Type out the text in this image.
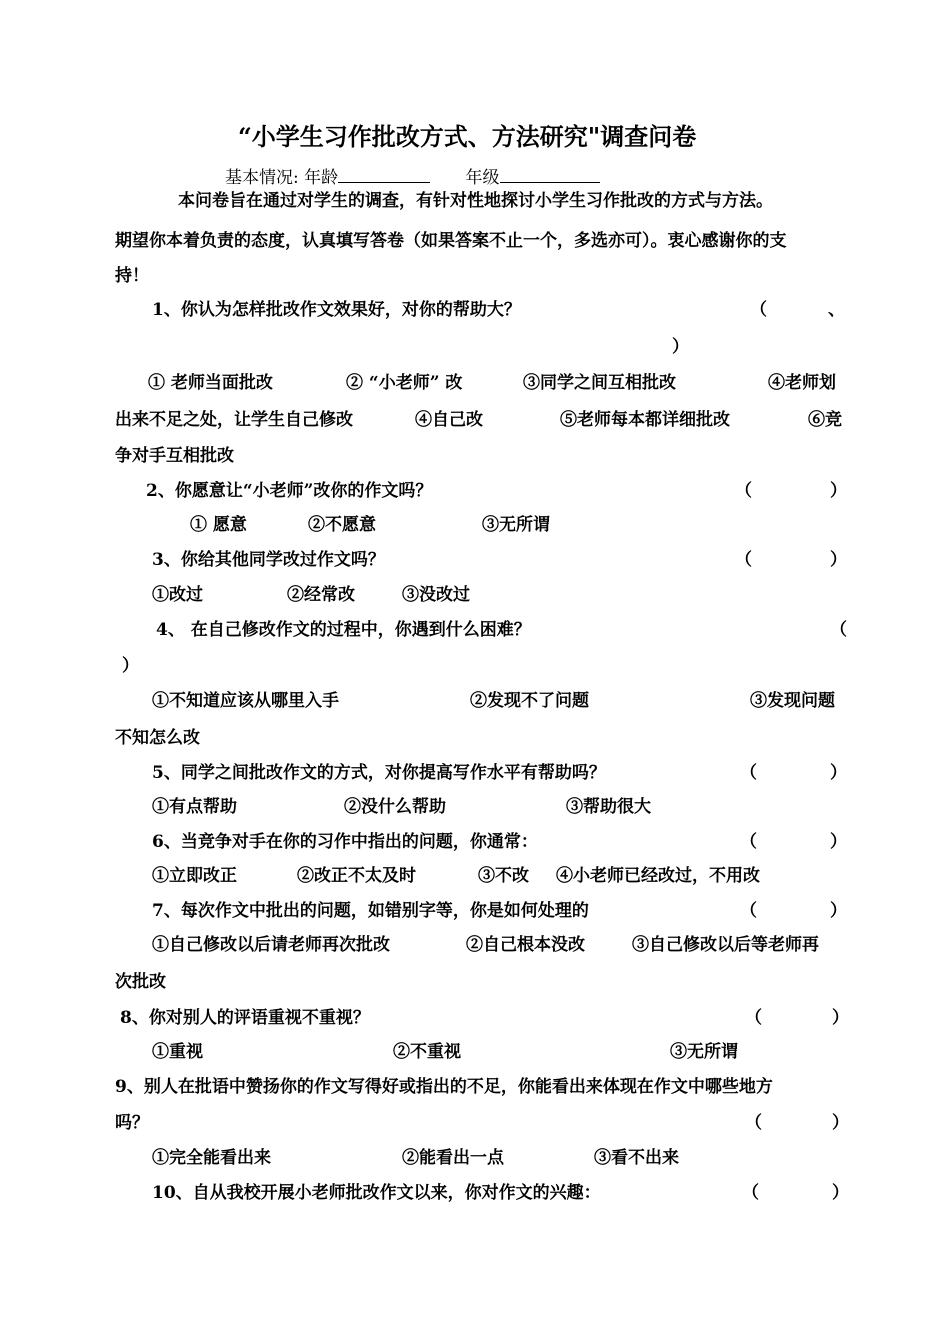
“小学生习作批改方式、方法研究"调查问卷
基本情况: 年龄	年级
本问卷旨在通过对学生的调查，有针对性地探讨小学生习作批改的方式与方法。
期望你本着负责的态度，认真填写答卷（如果答案不止一个，多选亦可）。衷心感谢你的支
持！
1、你认为怎样批改作文效果好，对你的帮助大？	（	、
）
① 老师当面批改	② “小老师” 改	③同学之间互相批改	④老师划
出来不足之处，让学生自己修改	④自己改	⑤老师每本都详细批改	⑥竞
争对手互相批改
2、你愿意让“小老师”改你的作文吗？	（	）
① 愿意	②不愿意	③无所谓
3、你给其他同学改过作文吗？	（	）
①改过	②经常改	③没改过
4、 在自己修改作文的过程中，你遇到什么困难？	（
）
①不知道应该从哪里入手	②发现不了问题	③发现问题
不知怎么改
5、同学之间批改作文的方式，对你提高写作水平有帮助吗？	（	）
①有点帮助	②没什么帮助	③帮助很大
6、当竞争对手在你的习作中指出的问题，你通常：	（	）
①立即改正	②改正不太及时	③不改 ④小老师已经改过，不用改
7、每次作文中批出的问题，如错别字等，你是如何处理的	（	）
①自己修改以后请老师再次批改	②自己根本没改	③自己修改以后等老师再
次批改
8、你对别人的评语重视不重视？	（	）
①重视	②不重视	③无所谓
9、别人在批语中赞扬你的作文写得好或指出的不足，你能看出来体现在作文中哪些地方
吗？	（	）
①完全能看出来	②能看出一点	③看不出来
10、自从我校开展小老师批改作文以来，你对作文的兴趣：	（	）
